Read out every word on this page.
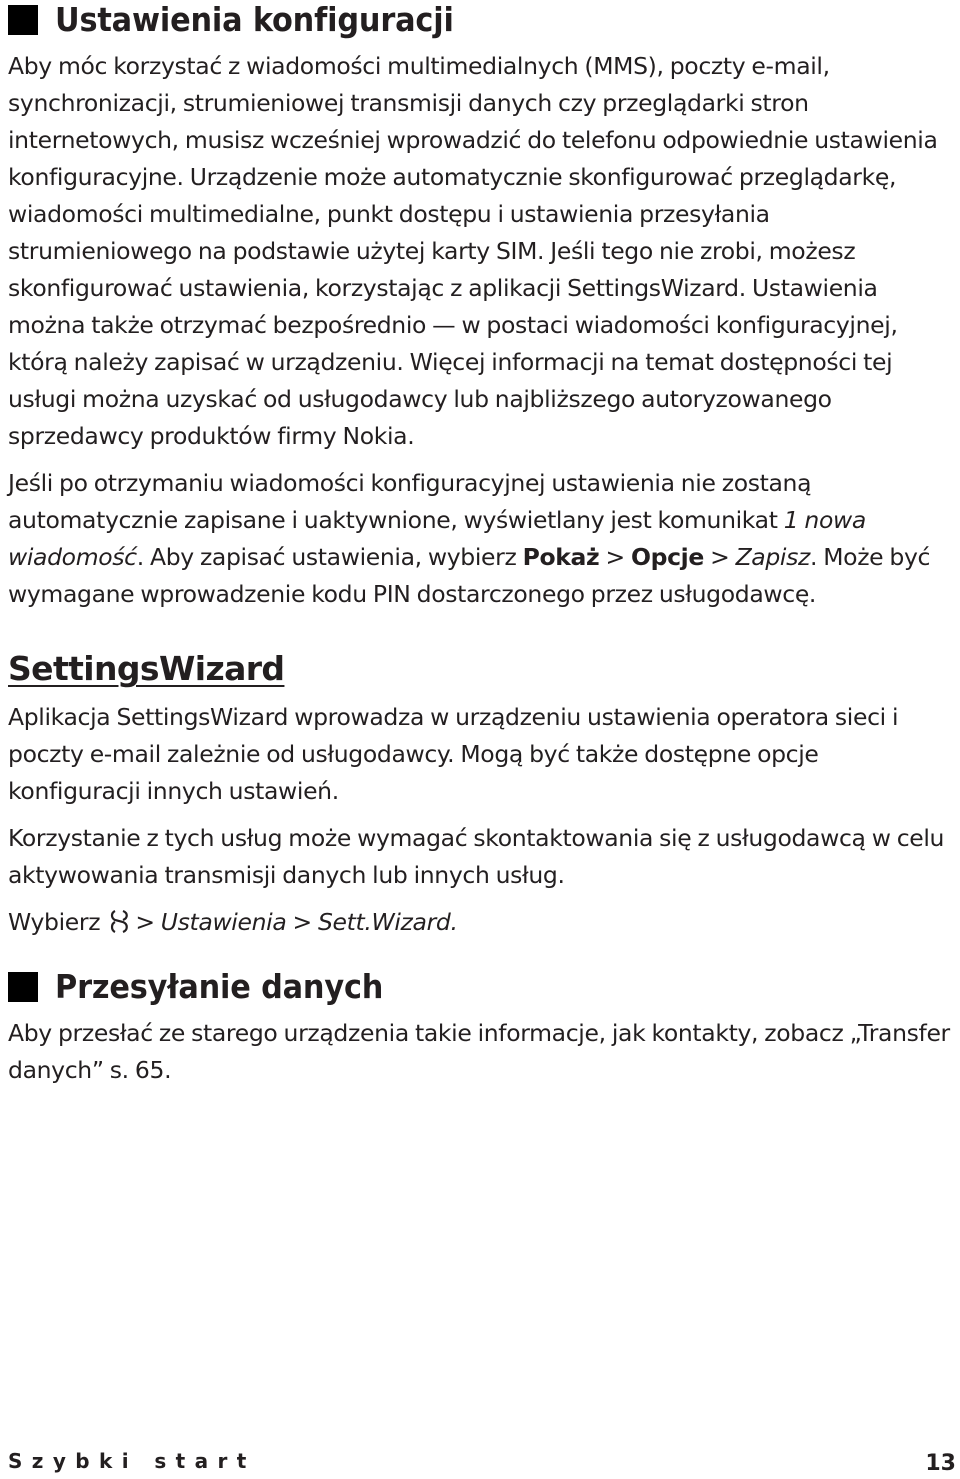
Ustawienia konfiguracji

Aby móc korzystać z wiadomości multimedialnych (MMS), poczty e-mail, synchronizacji, strumieniowej transmisji danych czy przeglądarki stron internetowych, musisz wcześniej wprowadzić do telefonu odpowiednie ustawienia konfiguracyjne. Urządzenie może automatycznie skonfigurować przeglądarkę, wiadomości multimedialne, punkt dostępu i ustawienia przesyłania strumieniowego na podstawie użytej karty SIM. Jeśli tego nie zrobi, możesz skonfigurować ustawienia, korzystając z aplikacji SettingsWizard. Ustawienia można także otrzymać bezpośrednio — w postaci wiadomości konfiguracyjnej, którą należy zapisać w urządzeniu. Więcej informacji na temat dostępności tej usługi można uzyskać od usługodawcy lub najbliższego autoryzowanego sprzedawcy produktów firmy Nokia.

Jeśli po otrzymaniu wiadomości konfiguracyjnej ustawienia nie zostaną automatycznie zapisane i uaktywnione, wyświetlany jest komunikat 1 nowa wiadomość. Aby zapisać ustawienia, wybierz Pokaż > Opcje > Zapisz. Może być wymagane wprowadzenie kodu PIN dostarczonego przez usługodawcę.

SettingsWizard

Aplikacja SettingsWizard wprowadza w urządzeniu ustawienia operatora sieci i poczty e-mail zależnie od usługodawcy. Mogą być także dostępne opcje konfiguracji innych ustawień.

Korzystanie z tych usług może wymagać skontaktowania się z usługodawcą w celu aktywowania transmisji danych lub innych usług.

Wybierz > Ustawienia > Sett.Wizard.

Przesyłanie danych

Aby przesłać ze starego urządzenia takie informacje, jak kontakty, zobacz „Transfer danych” s. 65.

Szybki start	13
